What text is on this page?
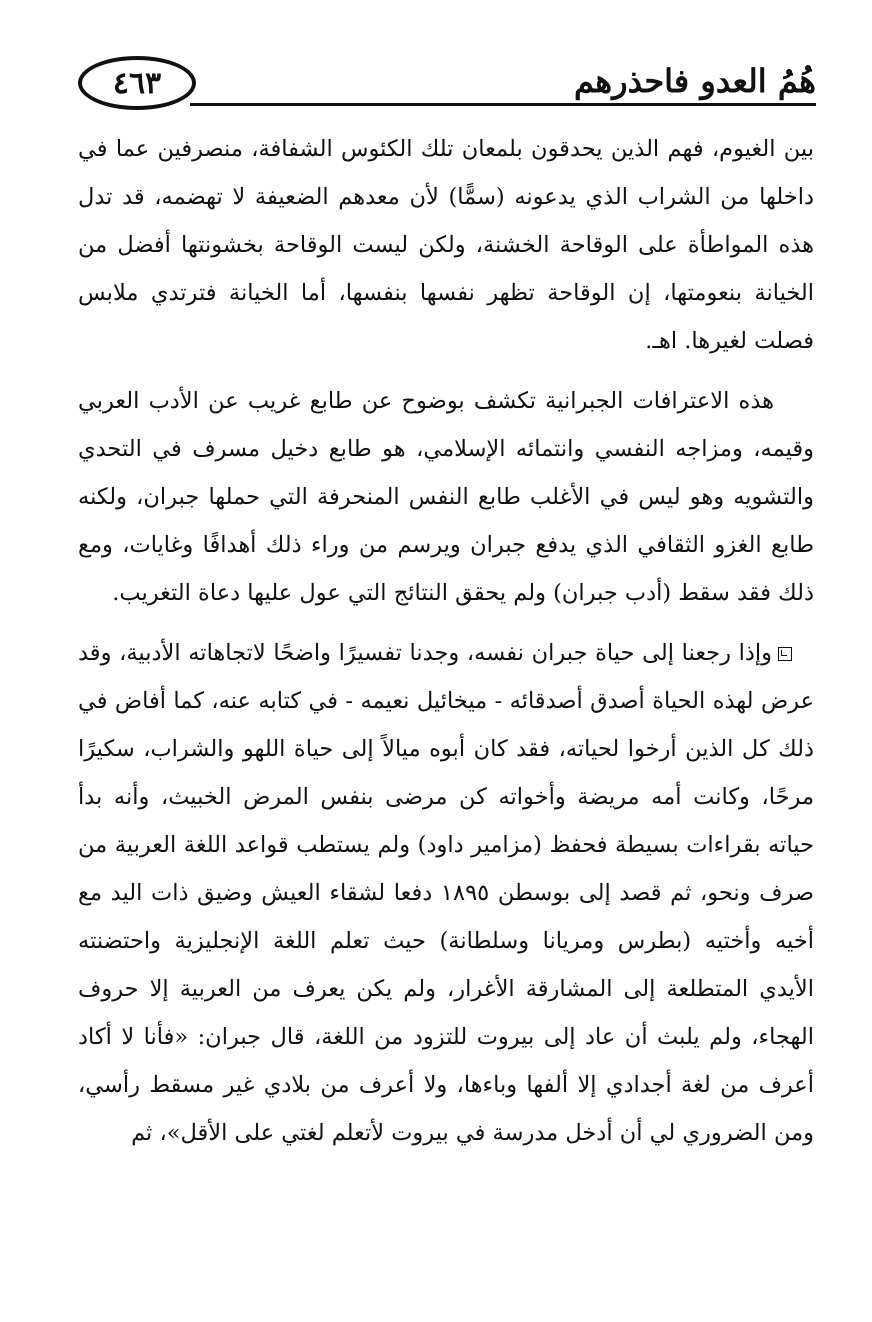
٤٦٣	هُمُ العدو فاحذرهم

بين الغيوم، فهم الذين يحدقون بلمعان تلك الكئوس الشفافة، منصرفين عما في داخلها من الشراب الذي يدعونه (سمًّا) لأن معدهم الضعيفة لا تهضمه، قد تدل هذه المواطأة على الوقاحة الخشنة، ولكن ليست الوقاحة بخشونتها أفضل من الخيانة بنعومتها، إن الوقاحة تظهر نفسها بنفسها، أما الخيانة فترتدي ملابس فصلت لغيرها. اهـ.

هذه الاعترافات الجبرانية تكشف بوضوح عن طابع غريب عن الأدب العربي وقيمه، ومزاجه النفسي وانتمائه الإسلامي، هو طابع دخيل مسرف في التحدي والتشويه وهو ليس في الأغلب طابع النفس المنحرفة التي حملها جبران، ولكنه طابع الغزو الثقافي الذي يدفع جبران ويرسم من وراء ذلك أهدافًا وغايات، ومع ذلك فقد سقط (أدب جبران) ولم يحقق النتائج التي عول عليها دعاة التغريب.

وإذا رجعنا إلى حياة جبران نفسه، وجدنا تفسيرًا واضحًا لاتجاهاته الأدبية، وقد عرض لهذه الحياة أصدق أصدقائه - ميخائيل نعيمه - في كتابه عنه، كما أفاض في ذلك كل الذين أرخوا لحياته، فقد كان أبوه ميالاً إلى حياة اللهو والشراب، سكيرًا مرحًا، وكانت أمه مريضة وأخواته كن مرضى بنفس المرض الخبيث، وأنه بدأ حياته بقراءات بسيطة فحفظ (مزامير داود) ولم يستطب قواعد اللغة العربية من صرف ونحو، ثم قصد إلى بوسطن ١٨٩٥ دفعا لشقاء العيش وضيق ذات اليد مع أخيه وأختيه (بطرس ومريانا وسلطانة) حيث تعلم اللغة الإنجليزية واحتضنته الأيدي المتطلعة إلى المشارقة الأغرار، ولم يكن يعرف من العربية إلا حروف الهجاء، ولم يلبث أن عاد إلى بيروت للتزود من اللغة، قال جبران: «فأنا لا أكاد أعرف من لغة أجدادي إلا ألفها وباءها، ولا أعرف من بلادي غير مسقط رأسي، ومن الضروري لي أن أدخل مدرسة في بيروت لأتعلم لغتي على الأقل»، ثم
